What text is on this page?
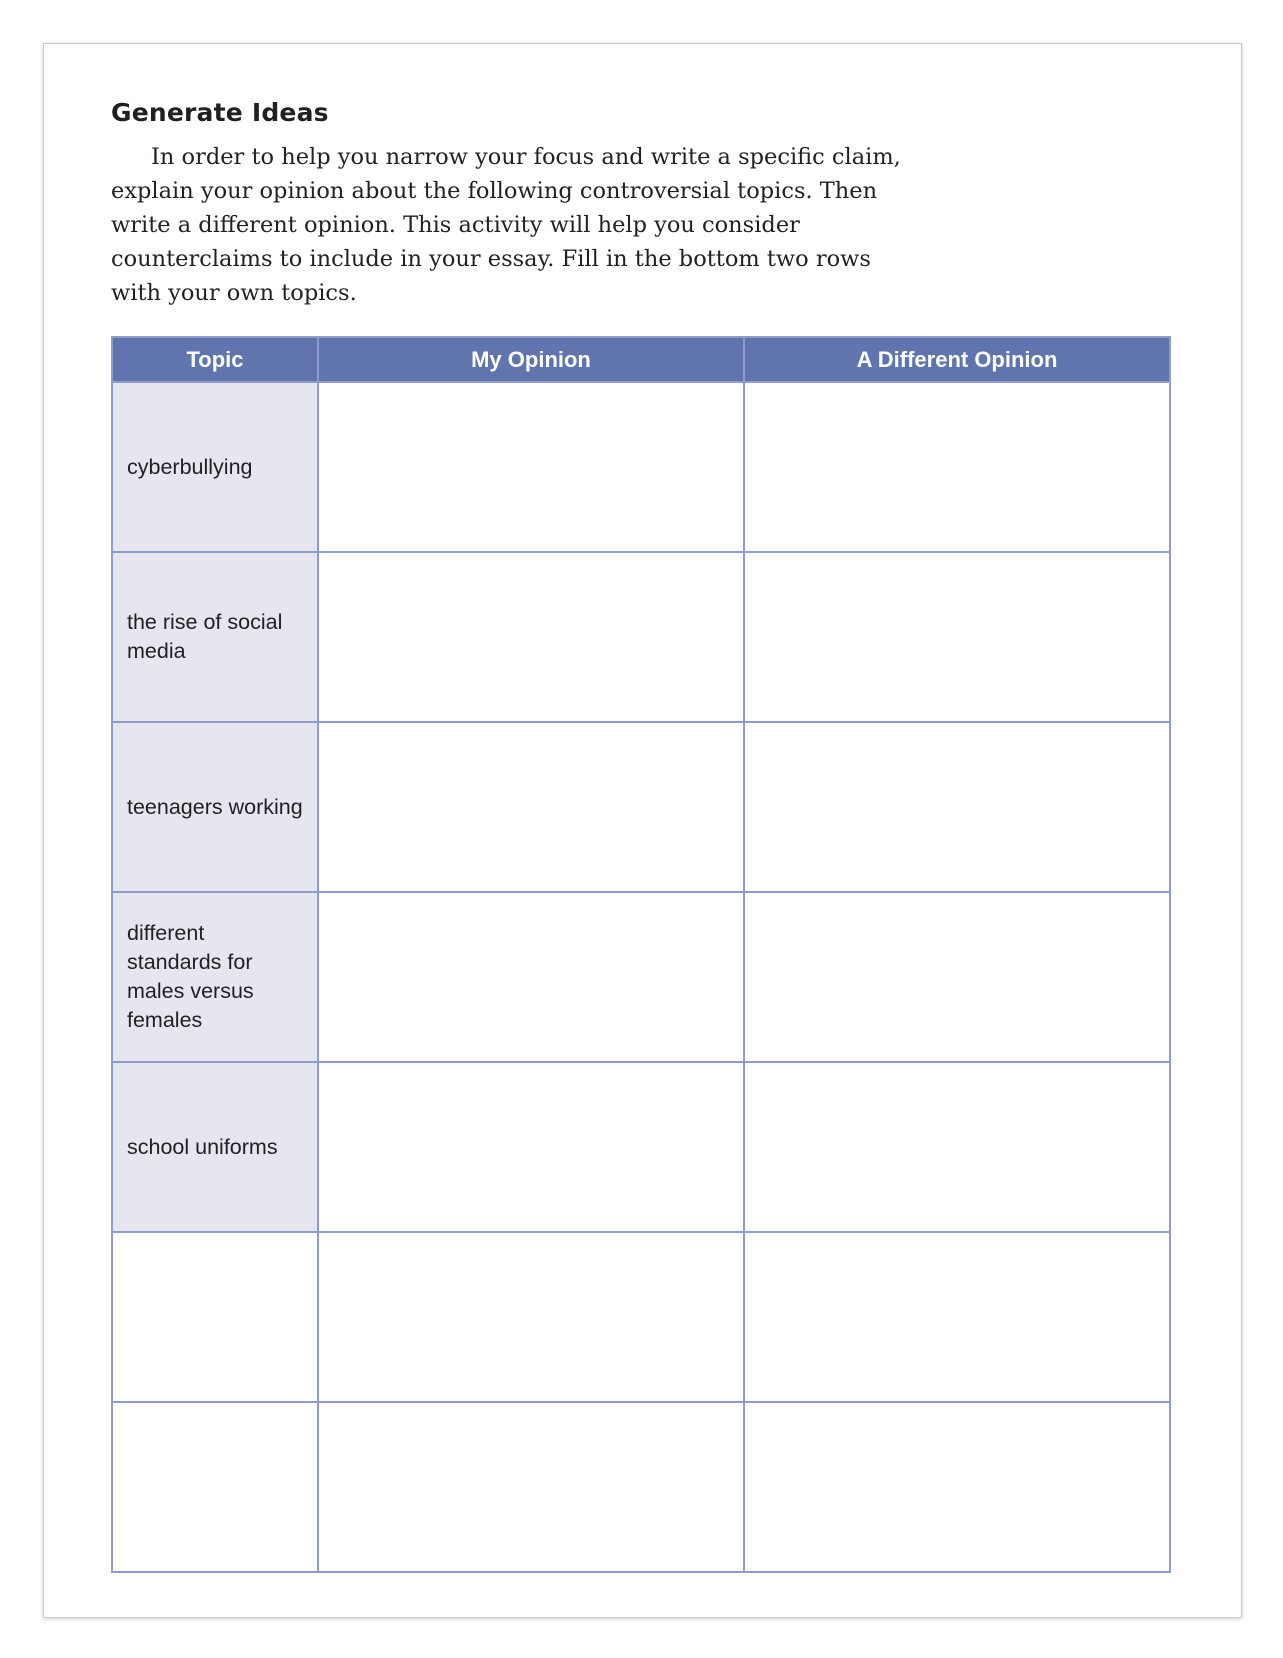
Generate Ideas

In order to help you narrow your focus and write a specific claim, explain your opinion about the following controversial topics. Then write a different opinion. This activity will help you consider counterclaims to include in your essay. Fill in the bottom two rows with your own topics.

Topic	My Opinion	A Different Opinion
cyberbullying		
the rise of social media		
teenagers working		
different standards for males versus females		
school uniforms		
